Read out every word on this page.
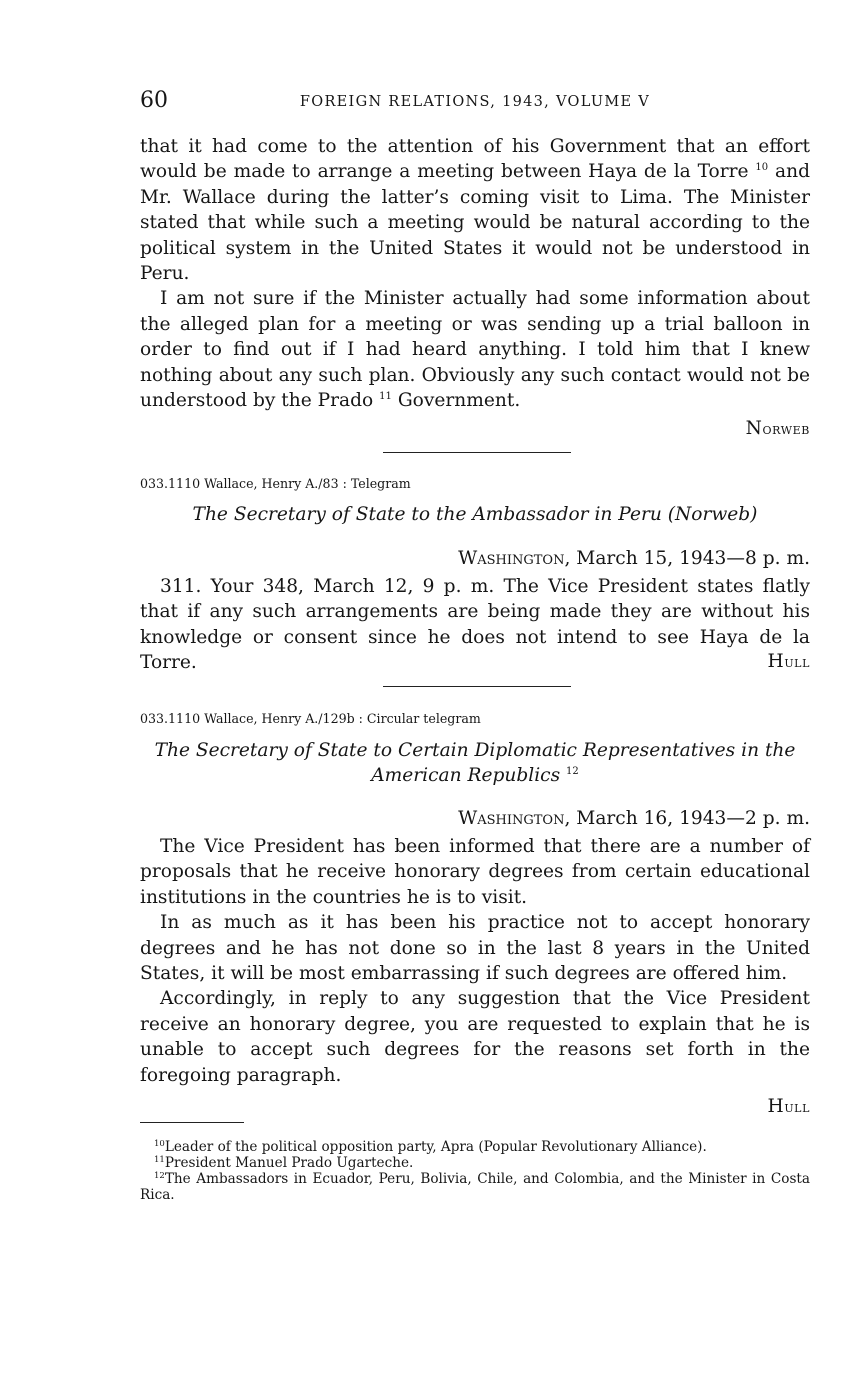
60	FOREIGN RELATIONS, 1943, VOLUME V

that it had come to the attention of his Government that an effort would be made to arrange a meeting between Haya de la Torre $^{10}$ and Mr. Wallace during the latter’s coming visit to Lima. The Minister stated that while such a meeting would be natural according to the political system in the United States it would not be understood in Peru.

I am not sure if the Minister actually had some information about the alleged plan for a meeting or was sending up a trial balloon in order to find out if I had heard anything. I told him that I knew nothing about any such plan. Obviously any such contact would not be understood by the Prado $^{11}$ Government.

Norweb
033.1110 Wallace, Henry A./83 : Telegram
The Secretary of State to the Ambassador in Peru (Norweb)
Washington, March 15, 1943—8 p. m.

311. Your 348, March 12, 9 p. m. The Vice President states flatly that if any such arrangements are being made they are without his knowledge or consent since he does not intend to see Haya de la Torre.	Hull
033.1110 Wallace, Henry A./129b : Circular telegram
The Secretary of State to Certain Diplomatic Representatives in the
American Republics $^{12}$
Washington, March 16, 1943—2 p. m.

The Vice President has been informed that there are a number of proposals that he receive honorary degrees from certain educational institutions in the countries he is to visit.

In as much as it has been his practice not to accept honorary degrees and he has not done so in the last 8 years in the United States, it will be most embarrassing if such degrees are offered him.

Accordingly, in reply to any suggestion that the Vice President receive an honorary degree, you are requested to explain that he is unable to accept such degrees for the reasons set forth in the foregoing paragraph.

Hull

$^{10}$Leader of the political opposition party, Apra (Popular Revolutionary Alliance).

$^{11}$President Manuel Prado Ugarteche.

$^{12}$The Ambassadors in Ecuador, Peru, Bolivia, Chile, and Colombia, and the Minister in Costa Rica.
